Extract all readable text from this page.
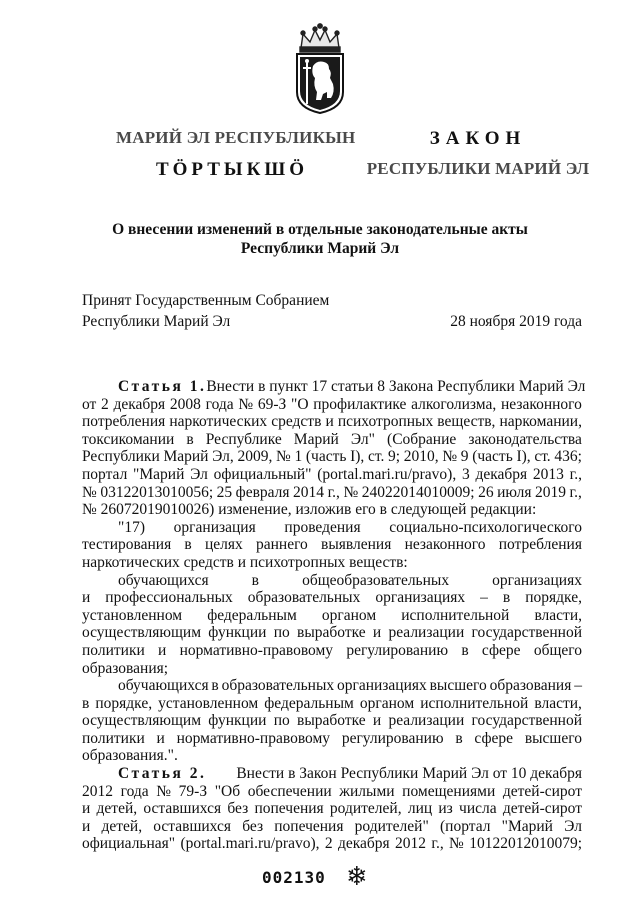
МАРИЙ ЭЛ РЕСПУБЛИКЫН
ТÖРТЫКШÖ
ЗАКОН
РЕСПУБЛИКИ МАРИЙ ЭЛ
О внесении изменений в отдельные законодательные акты
Республики Марий Эл
Принят Государственным Собранием
Республики Марий Эл	28 ноября 2019 года
Статья 1. Внести в пункт 17 статьи 8 Закона Республики Марий Эл
от 2 декабря 2008 года № 69-З "О профилактике алкоголизма, незаконного
потребления наркотических средств и психотропных веществ, наркомании,
токсикомании в Республике Марий Эл" (Собрание законодательства
Республики Марий Эл, 2009, № 1 (часть I), ст. 9; 2010, № 9 (часть I), ст. 436;
портал "Марий Эл официальный" (portal.mari.ru/pravo), 3 декабря 2013 г.,
№ 03122013010056; 25 февраля 2014 г., № 24022014010009; 26 июля 2019 г.,
№ 26072019010026) изменение, изложив его в следующей редакции:
"17) организация проведения социально-психологического
тестирования в целях раннего выявления незаконного потребления
наркотических средств и психотропных веществ:
обучающихся	в	общеобразовательных	организациях
и профессиональных образовательных организациях – в порядке,
установленном федеральным органом исполнительной власти,
осуществляющим функции по выработке и реализации государственной
политики и нормативно-правовому регулированию в сфере общего
образования;
обучающихся в образовательных организациях высшего образования –
в порядке, установленном федеральным органом исполнительной власти,
осуществляющим функции по выработке и реализации государственной
политики и нормативно-правовому регулированию в сфере высшего
образования.".
Статья 2. Внести в Закон Республики Марий Эл от 10 декабря
2012 года № 79-З "Об обеспечении жилыми помещениями детей-сирот
и детей, оставшихся без попечения родителей, лиц из числа детей-сирот
и детей, оставшихся без попечения родителей" (портал "Марий Эл
официальная" (portal.mari.ru/pravo), 2 декабря 2012 г., № 10122012010079;
002130 ❄
